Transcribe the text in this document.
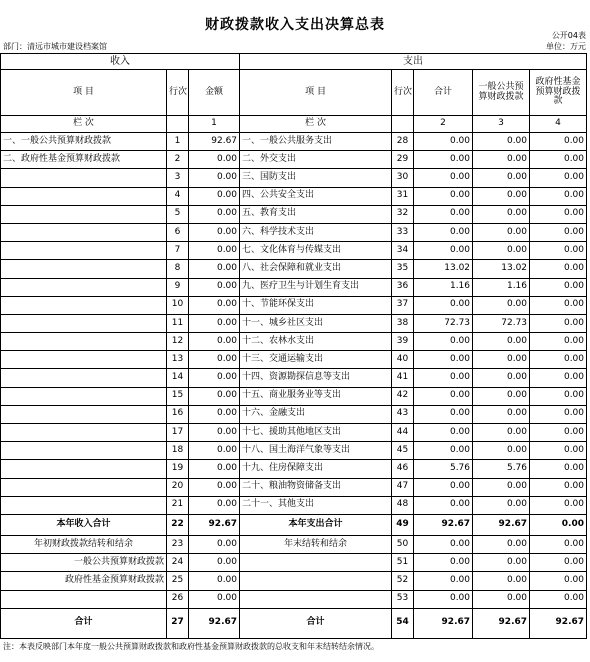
财政拨款收入支出决算总表
公开04表
部门：清远市城市建设档案馆	单位：万元
收入			支出				
项 目	行次	金额	项 目	行次	合计	一般公共预算财政拨款	政府性基金预算财政拨款
栏 次		1	栏 次		2	3	4
一、一般公共预算财政拨款	1	92.67	一、一般公共服务支出	28	0.00	0.00	0.00
二、政府性基金预算财政拨款	2	0.00	二、外交支出	29	0.00	0.00	0.00
	3	0.00	三、国防支出	30	0.00	0.00	0.00
	4	0.00	四、公共安全支出	31	0.00	0.00	0.00
	5	0.00	五、教育支出	32	0.00	0.00	0.00
	6	0.00	六、科学技术支出	33	0.00	0.00	0.00
	7	0.00	七、文化体育与传媒支出	34	0.00	0.00	0.00
	8	0.00	八、社会保障和就业支出	35	13.02	13.02	0.00
	9	0.00	九、医疗卫生与计划生育支出	36	1.16	1.16	0.00
	10	0.00	十、节能环保支出	37	0.00	0.00	0.00
	11	0.00	十一、城乡社区支出	38	72.73	72.73	0.00
	12	0.00	十二、农林水支出	39	0.00	0.00	0.00
	13	0.00	十三、交通运输支出	40	0.00	0.00	0.00
	14	0.00	十四、资源勘探信息等支出	41	0.00	0.00	0.00
	15	0.00	十五、商业服务业等支出	42	0.00	0.00	0.00
	16	0.00	十六、金融支出	43	0.00	0.00	0.00
	17	0.00	十七、援助其他地区支出	44	0.00	0.00	0.00
	18	0.00	十八、国土海洋气象等支出	45	0.00	0.00	0.00
	19	0.00	十九、住房保障支出	46	5.76	5.76	0.00
	20	0.00	二十、粮油物资储备支出	47	0.00	0.00	0.00
	21	0.00	二十一、其他支出	48	0.00	0.00	0.00
本年收入合计	22	92.67	本年支出合计	49	92.67	92.67	0.00
年初财政拨款结转和结余	23	0.00	年末结转和结余	50	0.00	0.00	0.00
一般公共预算财政拨款	24	0.00		51	0.00	0.00	0.00
政府性基金预算财政拨款	25	0.00		52	0.00	0.00	0.00
	26	0.00		53	0.00	0.00	0.00
合计	27	92.67	合计	54	92.67	92.67	92.67
注：本表反映部门本年度一般公共预算财政拨款和政府性基金预算财政拨款的总收支和年末结转结余情况。
